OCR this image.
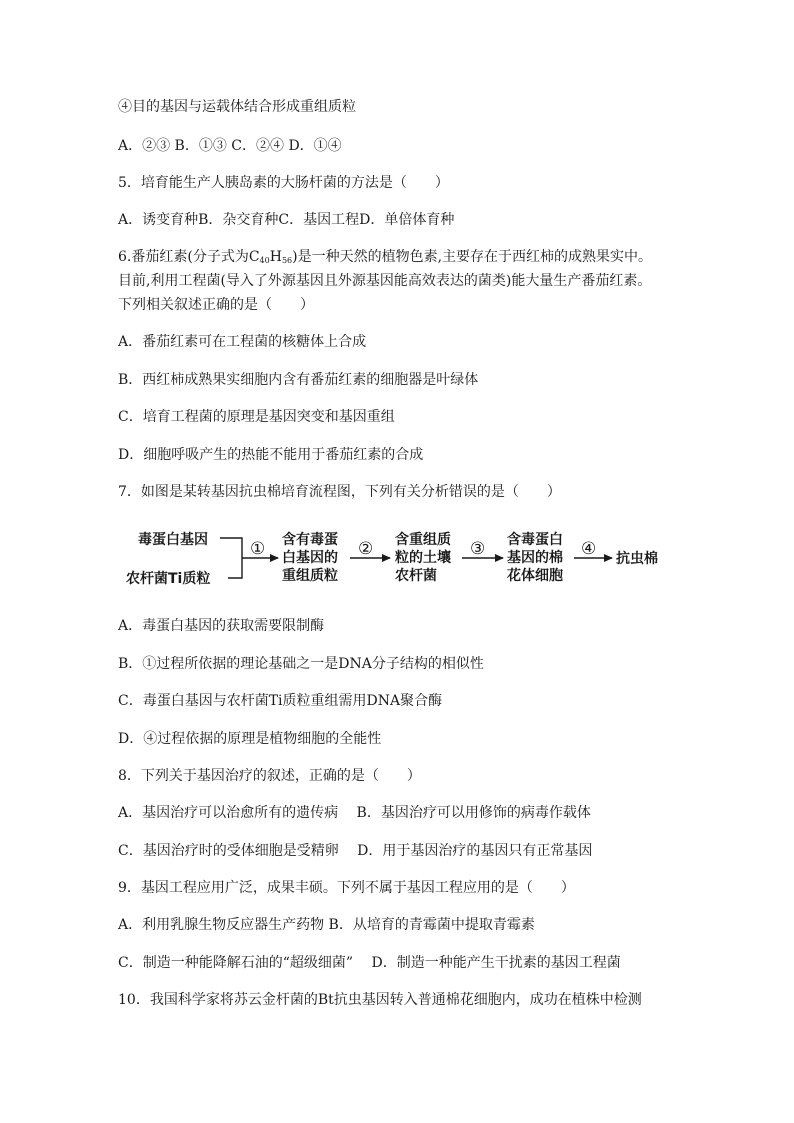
④目的基因与运载体结合形成重组质粒

A．②③ B．①③ C．②④ D．①④

5．培育能生产人胰岛素的大肠杆菌的方法是（　　）

A．诱变育种B．杂交育种C．基因工程D．单倍体育种

6.番茄红素(分子式为$C_{40}H_{56}$)是一种天然的植物色素,主要存在于西红柿的成熟果实中。

目前,利用工程菌(导入了外源基因且外源基因能高效表达的菌类)能大量生产番茄红素。

下列相关叙述正确的是（　　）

A．番茄红素可在工程菌的核糖体上合成

B．西红柿成熟果实细胞内含有番茄红素的细胞器是叶绿体

C．培育工程菌的原理是基因突变和基因重组

D．细胞呼吸产生的热能不能用于番茄红素的合成

7．如图是某转基因抗虫棉培育流程图，下列有关分析错误的是（　　）

毒蛋白基因
农杆菌Ti质粒
① 含有毒蛋
白基因的
重组质粒
② 含重组质
粒的土壤
农杆菌
③ 含毒蛋白
基因的棉
花体细胞
④ 抗虫棉

A．毒蛋白基因的获取需要限制酶

B．①过程所依据的理论基础之一是DNA分子结构的相似性

C．毒蛋白基因与农杆菌Ti质粒重组需用DNA聚合酶

D．④过程依据的原理是植物细胞的全能性

8．下列关于基因治疗的叙述，正确的是（　　）

A．基因治疗可以治愈所有的遗传病　 B．基因治疗可以用修饰的病毒作载体

C．基因治疗时的受体细胞是受精卵　 D．用于基因治疗的基因只有正常基因

9．基因工程应用广泛，成果丰硕。下列不属于基因工程应用的是（　　）

A．利用乳腺生物反应器生产药物 B．从培育的青霉菌中提取青霉素

C．制造一种能降解石油的“超级细菌”　 D．制造一种能产生干扰素的基因工程菌

10．我国科学家将苏云金杆菌的Bt抗虫基因转入普通棉花细胞内，成功在植株中检测
